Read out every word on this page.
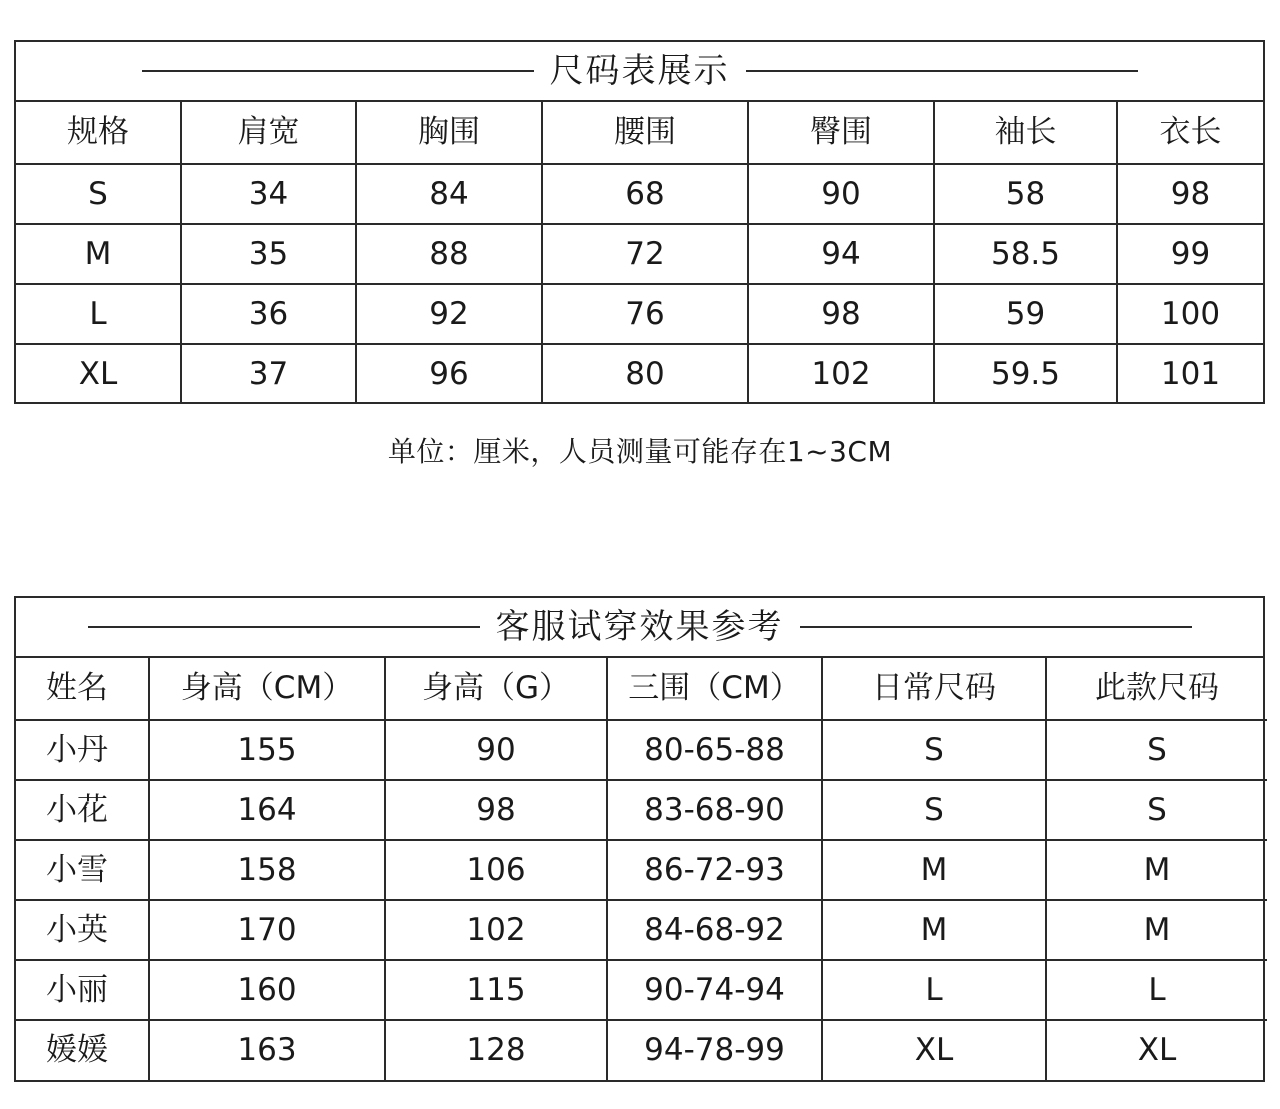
尺码表展示
规格	肩宽	胸围	腰围	臀围	袖长	衣长
S	34	84	68	90	58	98
M	35	88	72	94	58.5	99
L	36	92	76	98	59	100
XL	37	96	80	102	59.5	101
单位：厘米，人员测量可能存在1~3CM
客服试穿效果参考
姓名	身高（CM）	身高（G）	三围（CM）	日常尺码	此款尺码
小丹	155	90	80-65-88	S	S
小花	164	98	83-68-90	S	S
小雪	158	106	86-72-93	M	M
小英	170	102	84-68-92	M	M
小丽	160	115	90-74-94	L	L
媛媛	163	128	94-78-99	XL	XL
